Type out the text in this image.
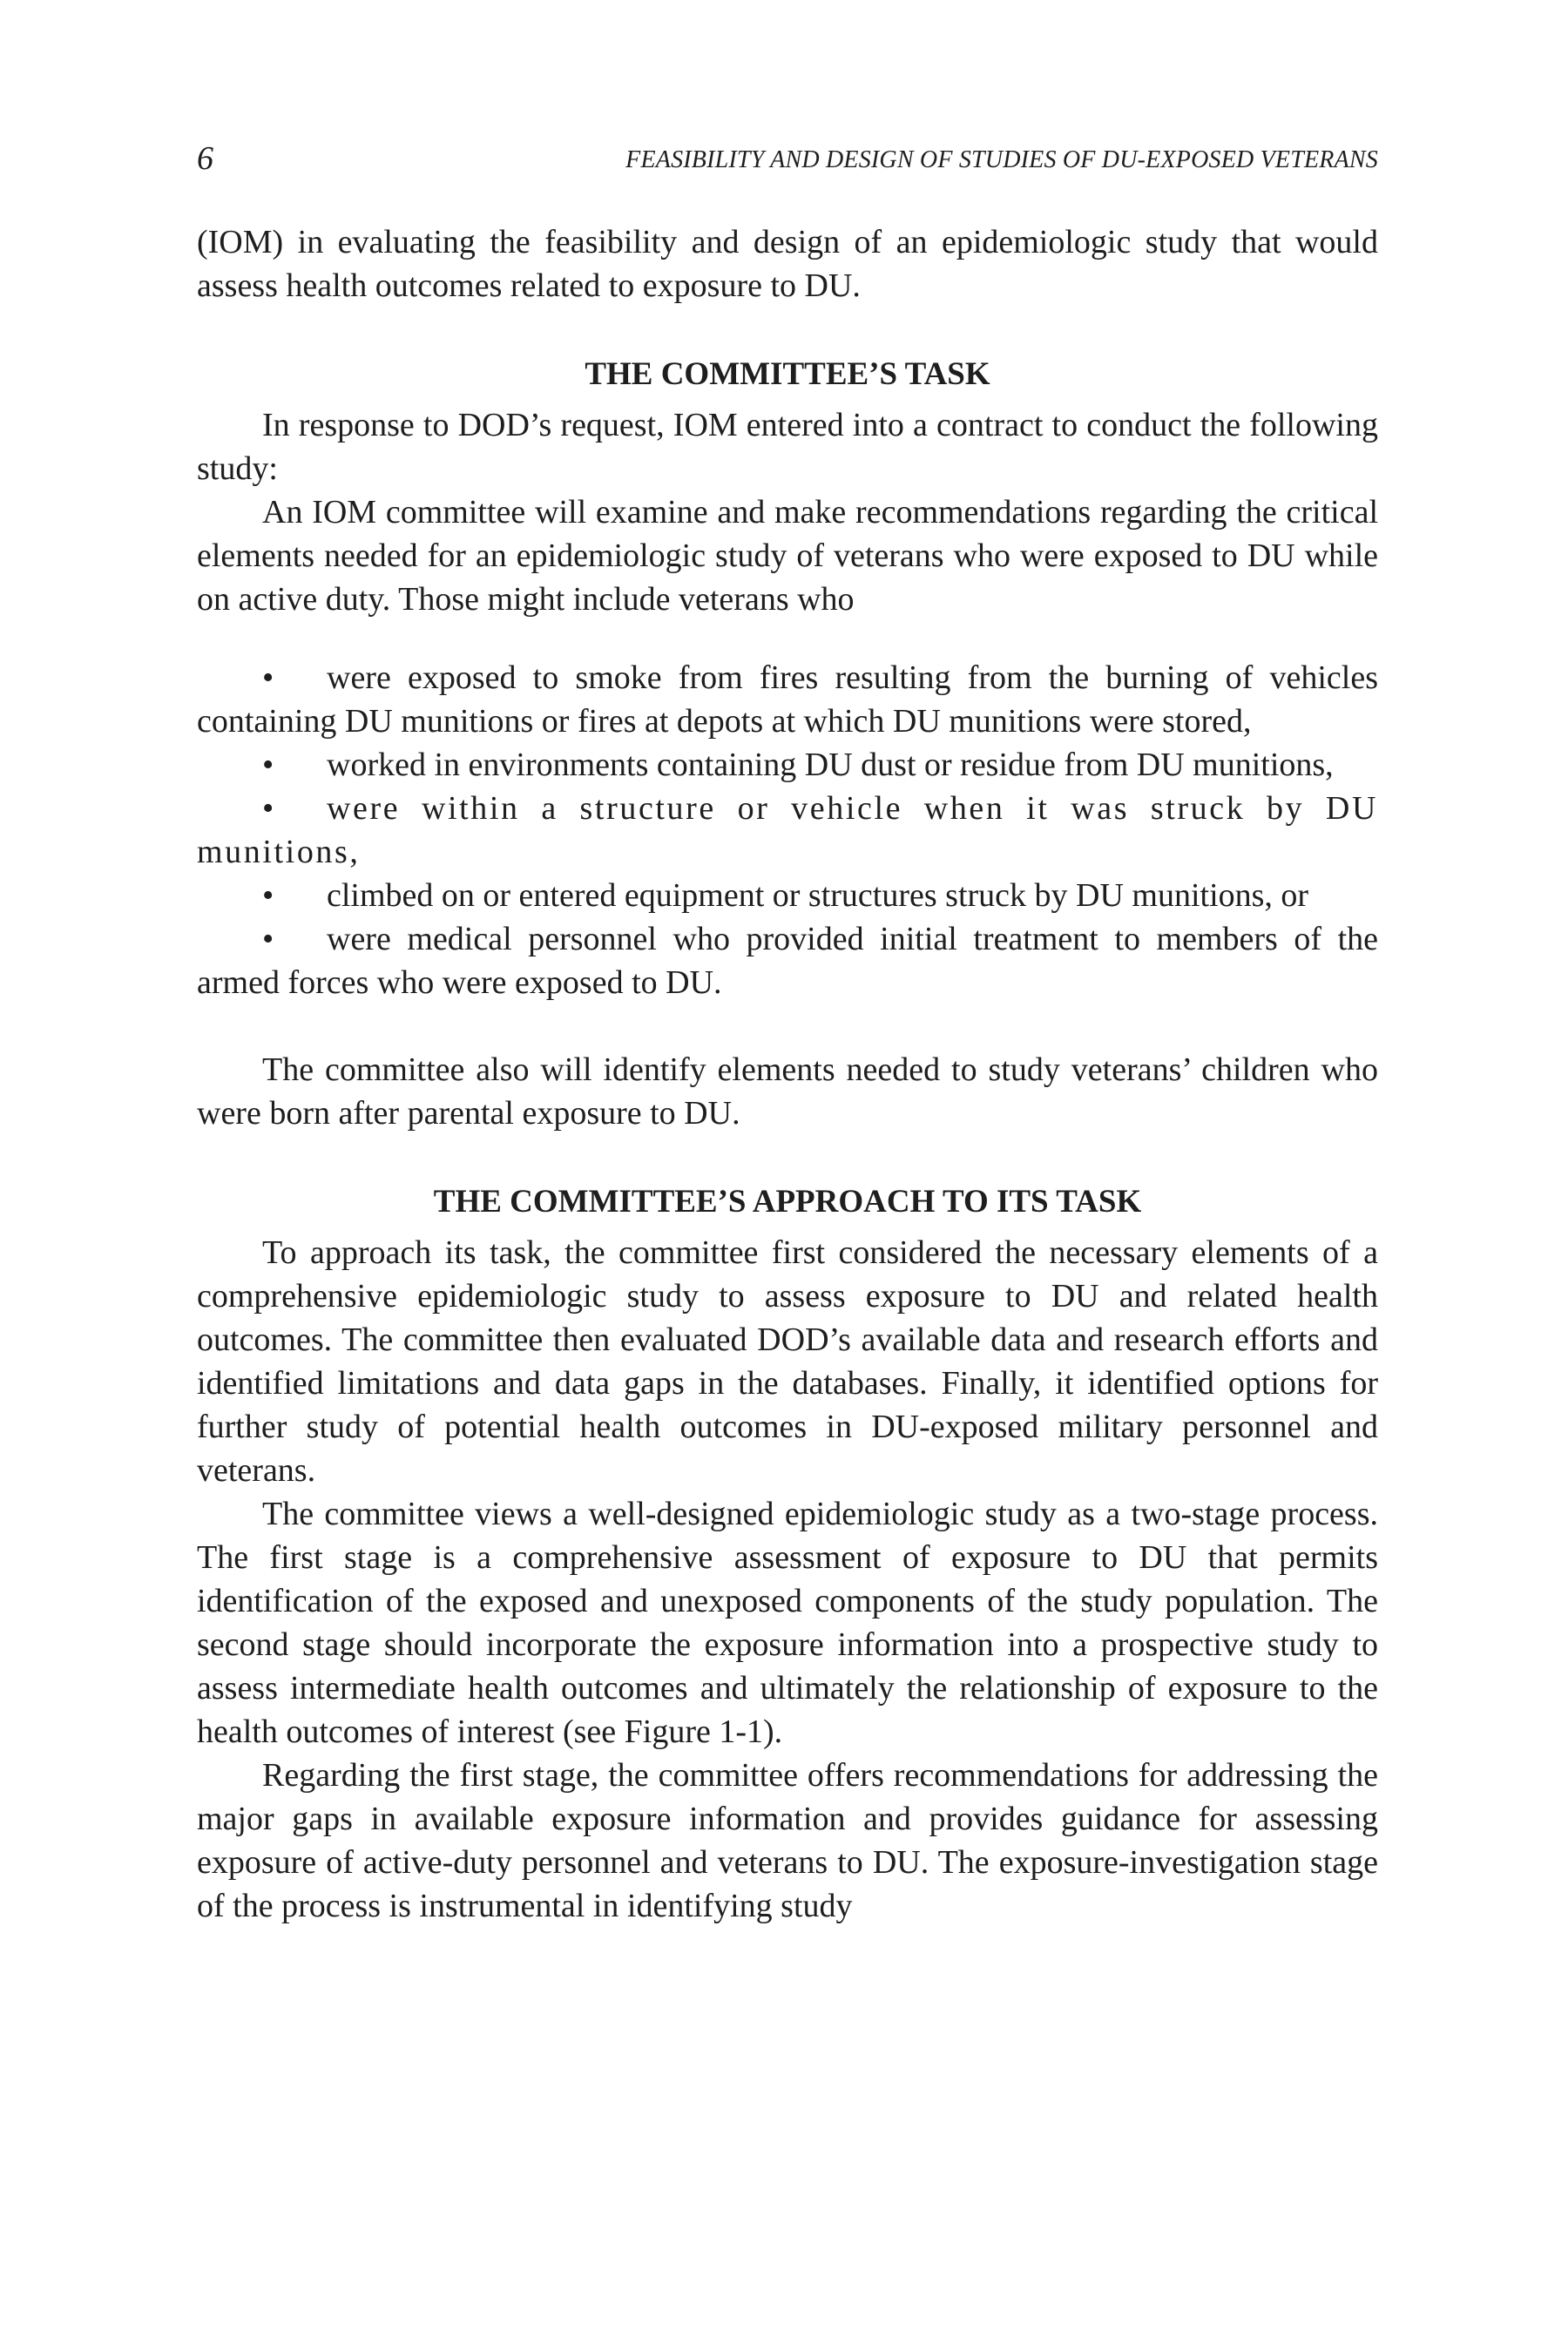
6	FEASIBILITY AND DESIGN OF STUDIES OF DU-EXPOSED VETERANS

(IOM) in evaluating the feasibility and design of an epidemiologic study that would assess health outcomes related to exposure to DU.

THE COMMITTEE’S TASK

In response to DOD’s request, IOM entered into a contract to conduct the following study:

An IOM committee will examine and make recommendations regarding the critical elements needed for an epidemiologic study of veterans who were exposed to DU while on active duty. Those might include veterans who

• were exposed to smoke from fires resulting from the burning of vehicles containing DU munitions or fires at depots at which DU munitions were stored,

• worked in environments containing DU dust or residue from DU munitions,

• were within a structure or vehicle when it was struck by DU munitions,

• climbed on or entered equipment or structures struck by DU munitions, or

• were medical personnel who provided initial treatment to members of the armed forces who were exposed to DU.

The committee also will identify elements needed to study veterans’ children who were born after parental exposure to DU.

THE COMMITTEE’S APPROACH TO ITS TASK

To approach its task, the committee first considered the necessary elements of a comprehensive epidemiologic study to assess exposure to DU and related health outcomes. The committee then evaluated DOD’s available data and research efforts and identified limitations and data gaps in the databases. Finally, it identified options for further study of potential health outcomes in DU-exposed military personnel and veterans.

The committee views a well-designed epidemiologic study as a two-stage process. The first stage is a comprehensive assessment of exposure to DU that permits identification of the exposed and unexposed components of the study population. The second stage should incorporate the exposure information into a prospective study to assess intermediate health outcomes and ultimately the relationship of exposure to the health outcomes of interest (see Figure 1-1).

Regarding the first stage, the committee offers recommendations for addressing the major gaps in available exposure information and provides guidance for assessing exposure of active-duty personnel and veterans to DU. The exposure-investigation stage of the process is instrumental in identifying study
